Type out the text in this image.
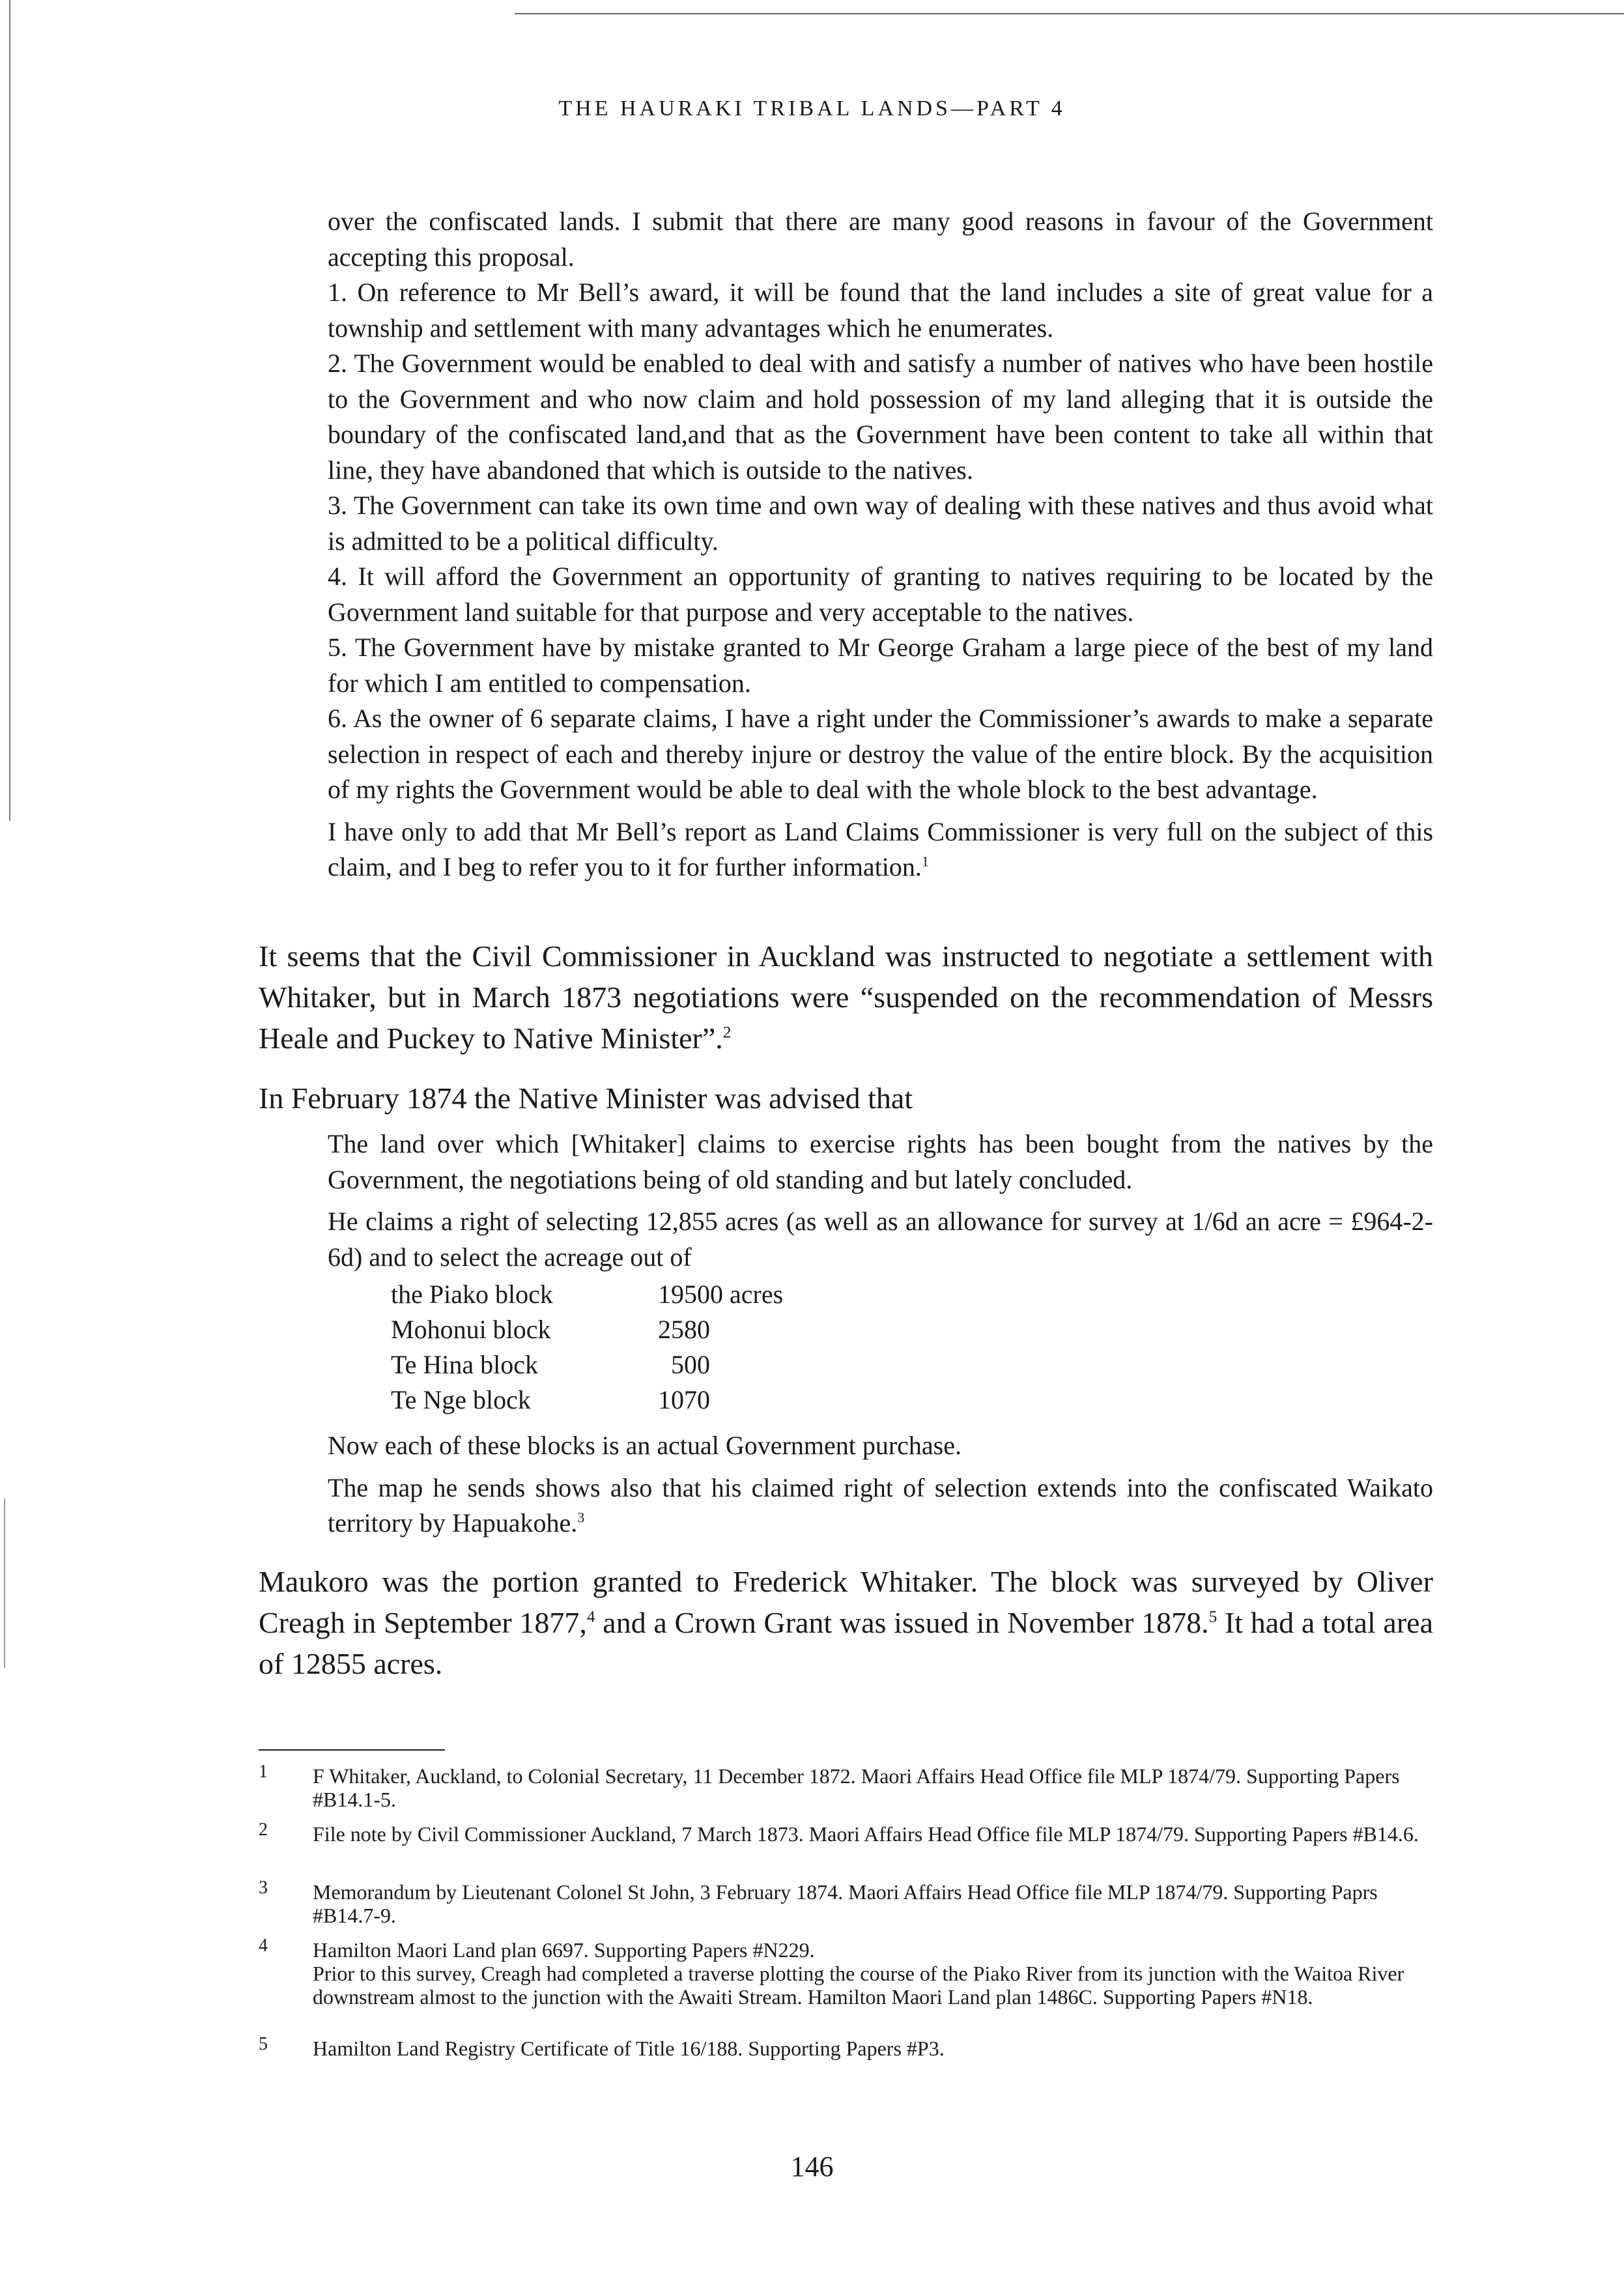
THE HAURAKI TRIBAL LANDS—PART 4

over the confiscated lands. I submit that there are many good reasons in favour of the Government accepting this proposal.

1. On reference to Mr Bell’s award, it will be found that the land includes a site of great value for a township and settlement with many advantages which he enumerates.

2. The Government would be enabled to deal with and satisfy a number of natives who have been hostile to the Government and who now claim and hold possession of my land alleging that it is outside the boundary of the confiscated land,and that as the Government have been content to take all within that line, they have abandoned that which is outside to the natives.

3. The Government can take its own time and own way of dealing with these natives and thus avoid what is admitted to be a political difficulty.

4. It will afford the Government an opportunity of granting to natives requiring to be located by the Government land suitable for that purpose and very acceptable to the natives.

5. The Government have by mistake granted to Mr George Graham a large piece of the best of my land for which I am entitled to compensation.

6. As the owner of 6 separate claims, I have a right under the Commissioner’s awards to make a separate selection in respect of each and thereby injure or destroy the value of the entire block. By the acquisition of my rights the Government would be able to deal with the whole block to the best advantage.

I have only to add that Mr Bell’s report as Land Claims Commissioner is very full on the subject of this claim, and I beg to refer you to it for further information.$^1$

It seems that the Civil Commissioner in Auckland was instructed to negotiate a settlement with Whitaker, but in March 1873 negotiations were “suspended on the recommendation of Messrs Heale and Puckey to Native Minister”.$^2$

In February 1874 the Native Minister was advised that

The land over which [Whitaker] claims to exercise rights has been bought from the natives by the Government, the negotiations being of old standing and but lately concluded.

He claims a right of selecting 12,855 acres (as well as an allowance for survey at 1/6d an acre = £964-2-6d) and to select the acreage out of

the Piako block	19500 acres
Mohonui block	2580
Te Hina block	500
Te Nge block	1070

Now each of these blocks is an actual Government purchase.

The map he sends shows also that his claimed right of selection extends into the confiscated Waikato territory by Hapuakohe.$^3$

Maukoro was the portion granted to Frederick Whitaker. The block was surveyed by Oliver Creagh in September 1877,$^4$ and a Crown Grant was issued in November 1878.$^5$ It had a total area of 12855 acres.

1 F Whitaker, Auckland, to Colonial Secretary, 11 December 1872. Maori Affairs Head Office file MLP 1874/79. Supporting Papers #B14.1-5.
2 File note by Civil Commissioner Auckland, 7 March 1873. Maori Affairs Head Office file MLP 1874/79. Supporting Papers #B14.6.
3 Memorandum by Lieutenant Colonel St John, 3 February 1874. Maori Affairs Head Office file MLP 1874/79. Supporting Paprs #B14.7-9.
4 Hamilton Maori Land plan 6697. Supporting Papers #N229.
Prior to this survey, Creagh had completed a traverse plotting the course of the Piako River from its junction with the Waitoa River downstream almost to the junction with the Awaiti Stream. Hamilton Maori Land plan 1486C. Supporting Papers #N18.
5 Hamilton Land Registry Certificate of Title 16/188. Supporting Papers #P3.
146
